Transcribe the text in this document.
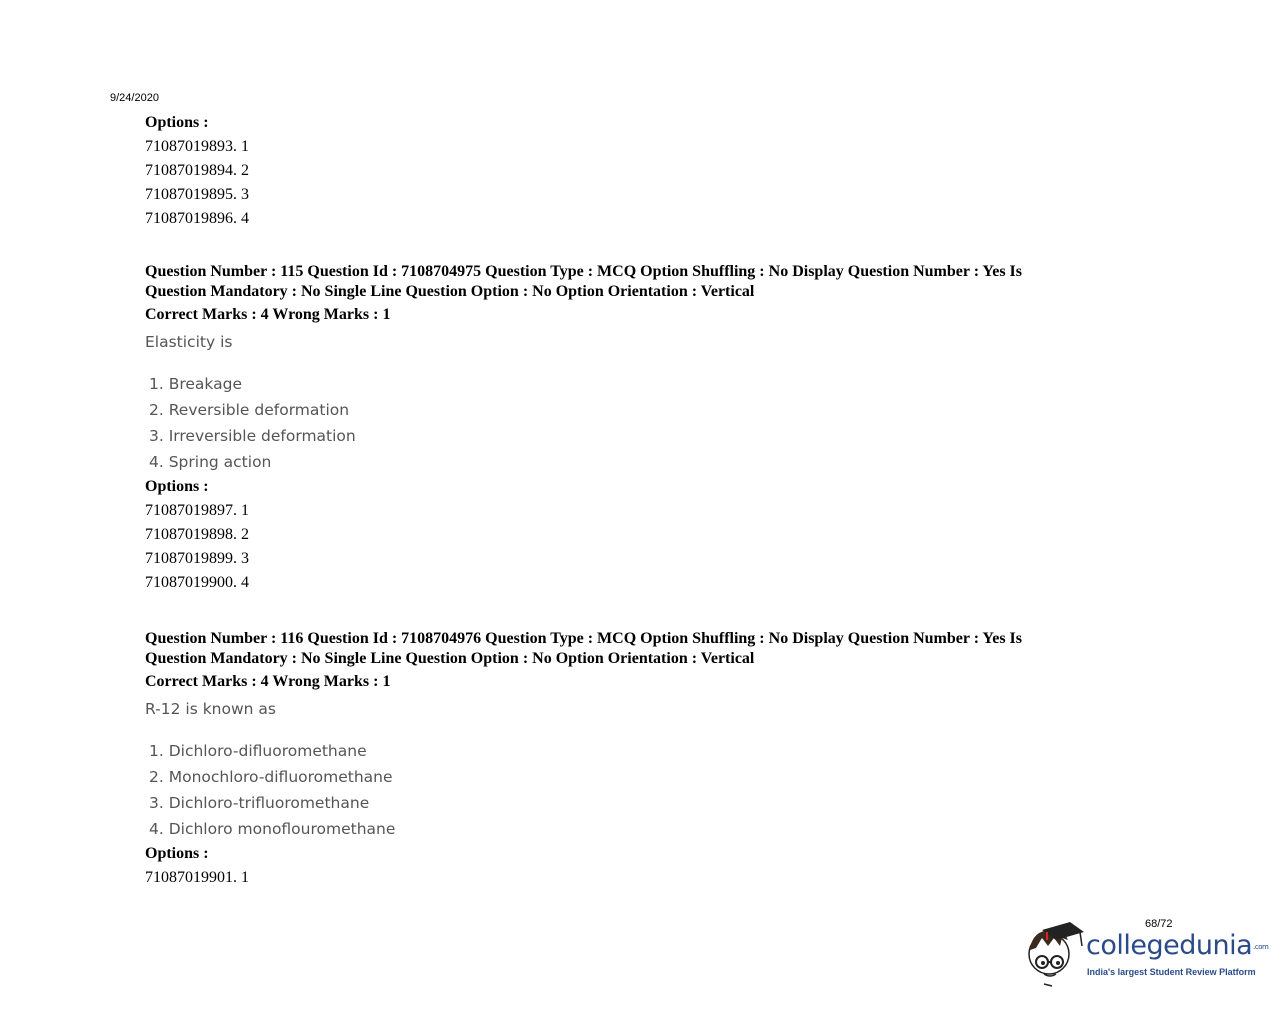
9/24/2020
Options :
71087019893. 1
71087019894. 2
71087019895. 3
71087019896. 4
Question Number : 115 Question Id : 7108704975 Question Type : MCQ Option Shuffling : No Display Question Number : Yes Is
Question Mandatory : No Single Line Question Option : No Option Orientation : Vertical
Correct Marks : 4 Wrong Marks : 1
Elasticity is
1. Breakage
2. Reversible deformation
3. Irreversible deformation
4. Spring action
Options :
71087019897. 1
71087019898. 2
71087019899. 3
71087019900. 4
Question Number : 116 Question Id : 7108704976 Question Type : MCQ Option Shuffling : No Display Question Number : Yes Is
Question Mandatory : No Single Line Question Option : No Option Orientation : Vertical
Correct Marks : 4 Wrong Marks : 1
R-12 is known as
1. Dichloro-difluoromethane
2. Monochloro-difluoromethane
3. Dichloro-trifluoromethane
4. Dichloro monoflouromethane
Options :
71087019901. 1
68/72
collegedunia.com
India's largest Student Review Platform
